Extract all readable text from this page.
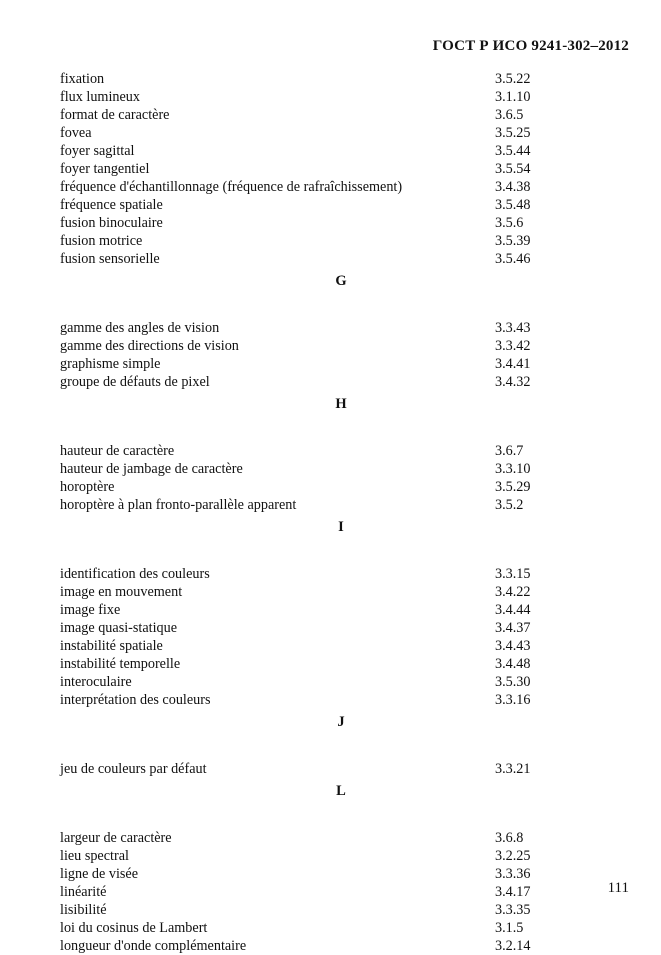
ГОСТ Р ИСО 9241-302–2012
fixation	3.5.22
flux lumineux	3.1.10
format de caractère	3.6.5
fovea	3.5.25
foyer sagittal	3.5.44
foyer tangentiel	3.5.54
fréquence d'échantillonnage (fréquence de rafraîchissement)	3.4.38
fréquence spatiale	3.5.48
fusion binoculaire	3.5.6
fusion motrice	3.5.39
fusion sensorielle	3.5.46
G
gamme des angles de vision	3.3.43
gamme des directions de vision	3.3.42
graphisme simple	3.4.41
groupe de défauts de pixel	3.4.32
H
hauteur de caractère	3.6.7
hauteur de jambage de caractère	3.3.10
horoptère	3.5.29
horoptère à plan fronto-parallèle apparent	3.5.2
I
identification des couleurs	3.3.15
image en mouvement	3.4.22
image fixe	3.4.44
image quasi-statique	3.4.37
instabilité spatiale	3.4.43
instabilité temporelle	3.4.48
interoculaire	3.5.30
interprétation des couleurs	3.3.16
J
jeu de couleurs par défaut	3.3.21
L
largeur de caractère	3.6.8
lieu spectral	3.2.25
ligne de visée	3.3.36
linéarité	3.4.17
lisibilité	3.3.35
loi du cosinus de Lambert	3.1.5
longueur d'onde complémentaire	3.2.14
111
